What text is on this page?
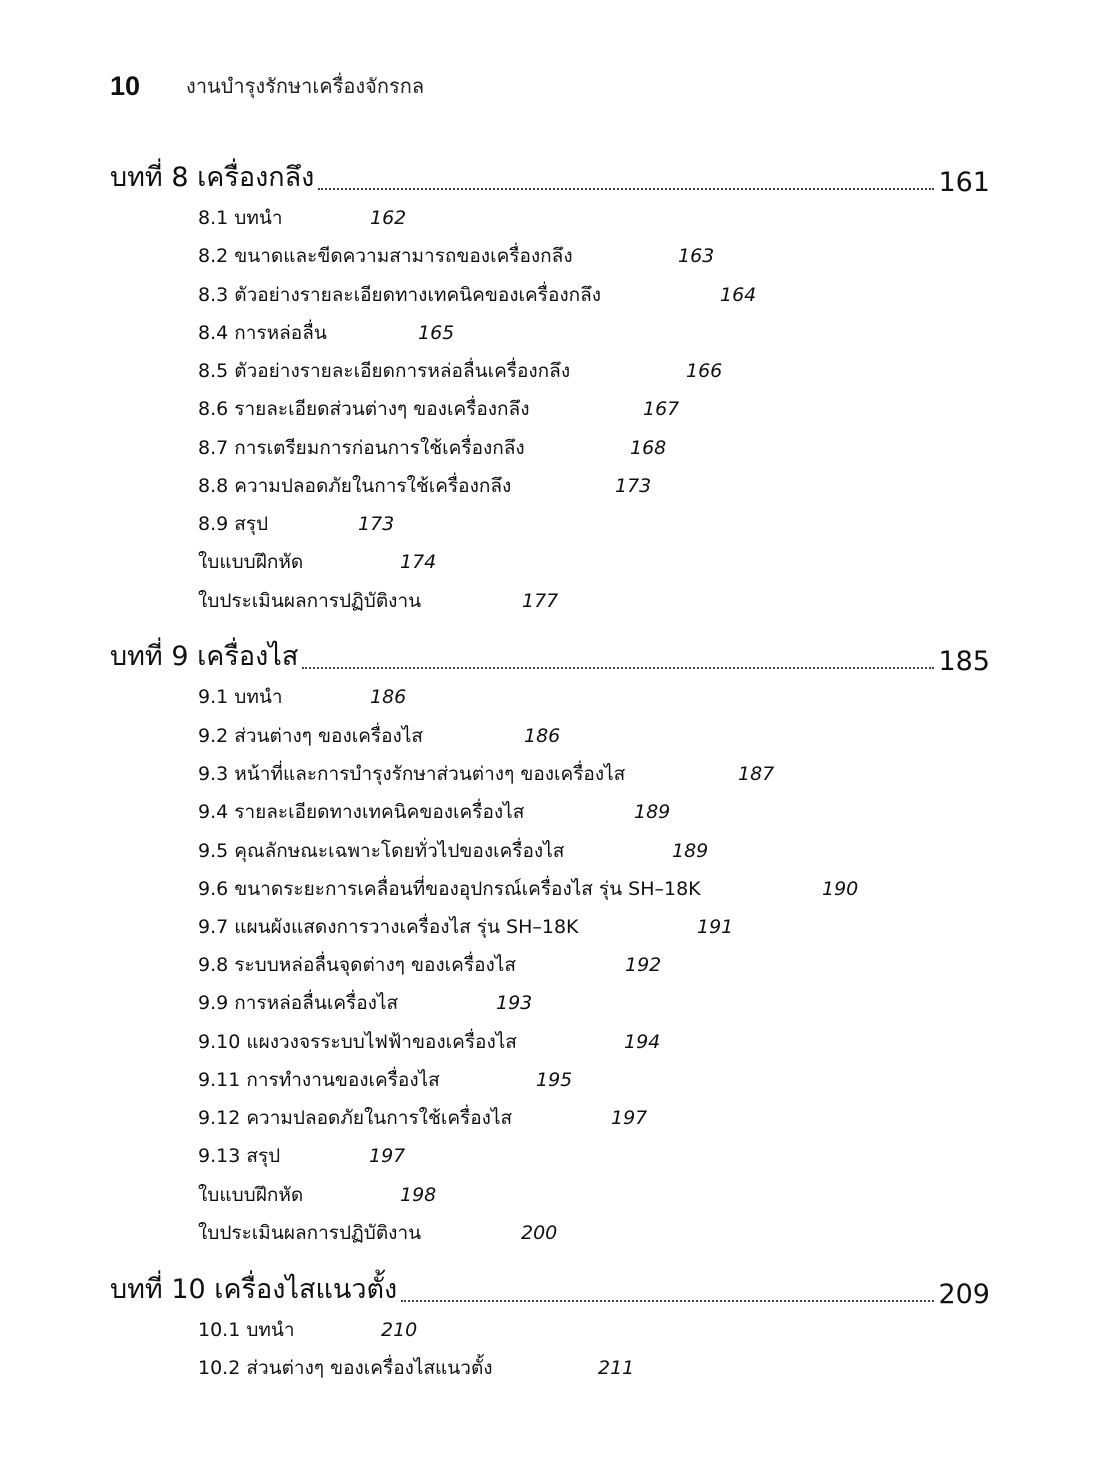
10 งานบำรุงรักษาเครื่องจักรกล
บทที่ 8 เครื่องกลึง	161
8.1 บทนำ	162
8.2 ขนาดและขีดความสามารถของเครื่องกลึง	163
8.3 ตัวอย่างรายละเอียดทางเทคนิคของเครื่องกลึง	164
8.4 การหล่อลื่น	165
8.5 ตัวอย่างรายละเอียดการหล่อลื่นเครื่องกลึง	166
8.6 รายละเอียดส่วนต่างๆ ของเครื่องกลึง	167
8.7 การเตรียมการก่อนการใช้เครื่องกลึง	168
8.8 ความปลอดภัยในการใช้เครื่องกลึง	173
8.9 สรุป	173
ใบแบบฝึกหัด	174
ใบประเมินผลการปฏิบัติงาน	177
บทที่ 9 เครื่องไส	185
9.1 บทนำ	186
9.2 ส่วนต่างๆ ของเครื่องไส	186
9.3 หน้าที่และการบำรุงรักษาส่วนต่างๆ ของเครื่องไส	187
9.4 รายละเอียดทางเทคนิคของเครื่องไส	189
9.5 คุณลักษณะเฉพาะโดยทั่วไปของเครื่องไส	189
9.6 ขนาดระยะการเคลื่อนที่ของอุปกรณ์เครื่องไส รุ่น SH–18K	190
9.7 แผนผังแสดงการวางเครื่องไส รุ่น SH–18K	191
9.8 ระบบหล่อลื่นจุดต่างๆ ของเครื่องไส	192
9.9 การหล่อลื่นเครื่องไส	193
9.10 แผงวงจรระบบไฟฟ้าของเครื่องไส	194
9.11 การทำงานของเครื่องไส	195
9.12 ความปลอดภัยในการใช้เครื่องไส	197
9.13 สรุป	197
ใบแบบฝึกหัด	198
ใบประเมินผลการปฏิบัติงาน	200
บทที่ 10 เครื่องไสแนวตั้ง	209
10.1 บทนำ	210
10.2 ส่วนต่างๆ ของเครื่องไสแนวตั้ง	211
